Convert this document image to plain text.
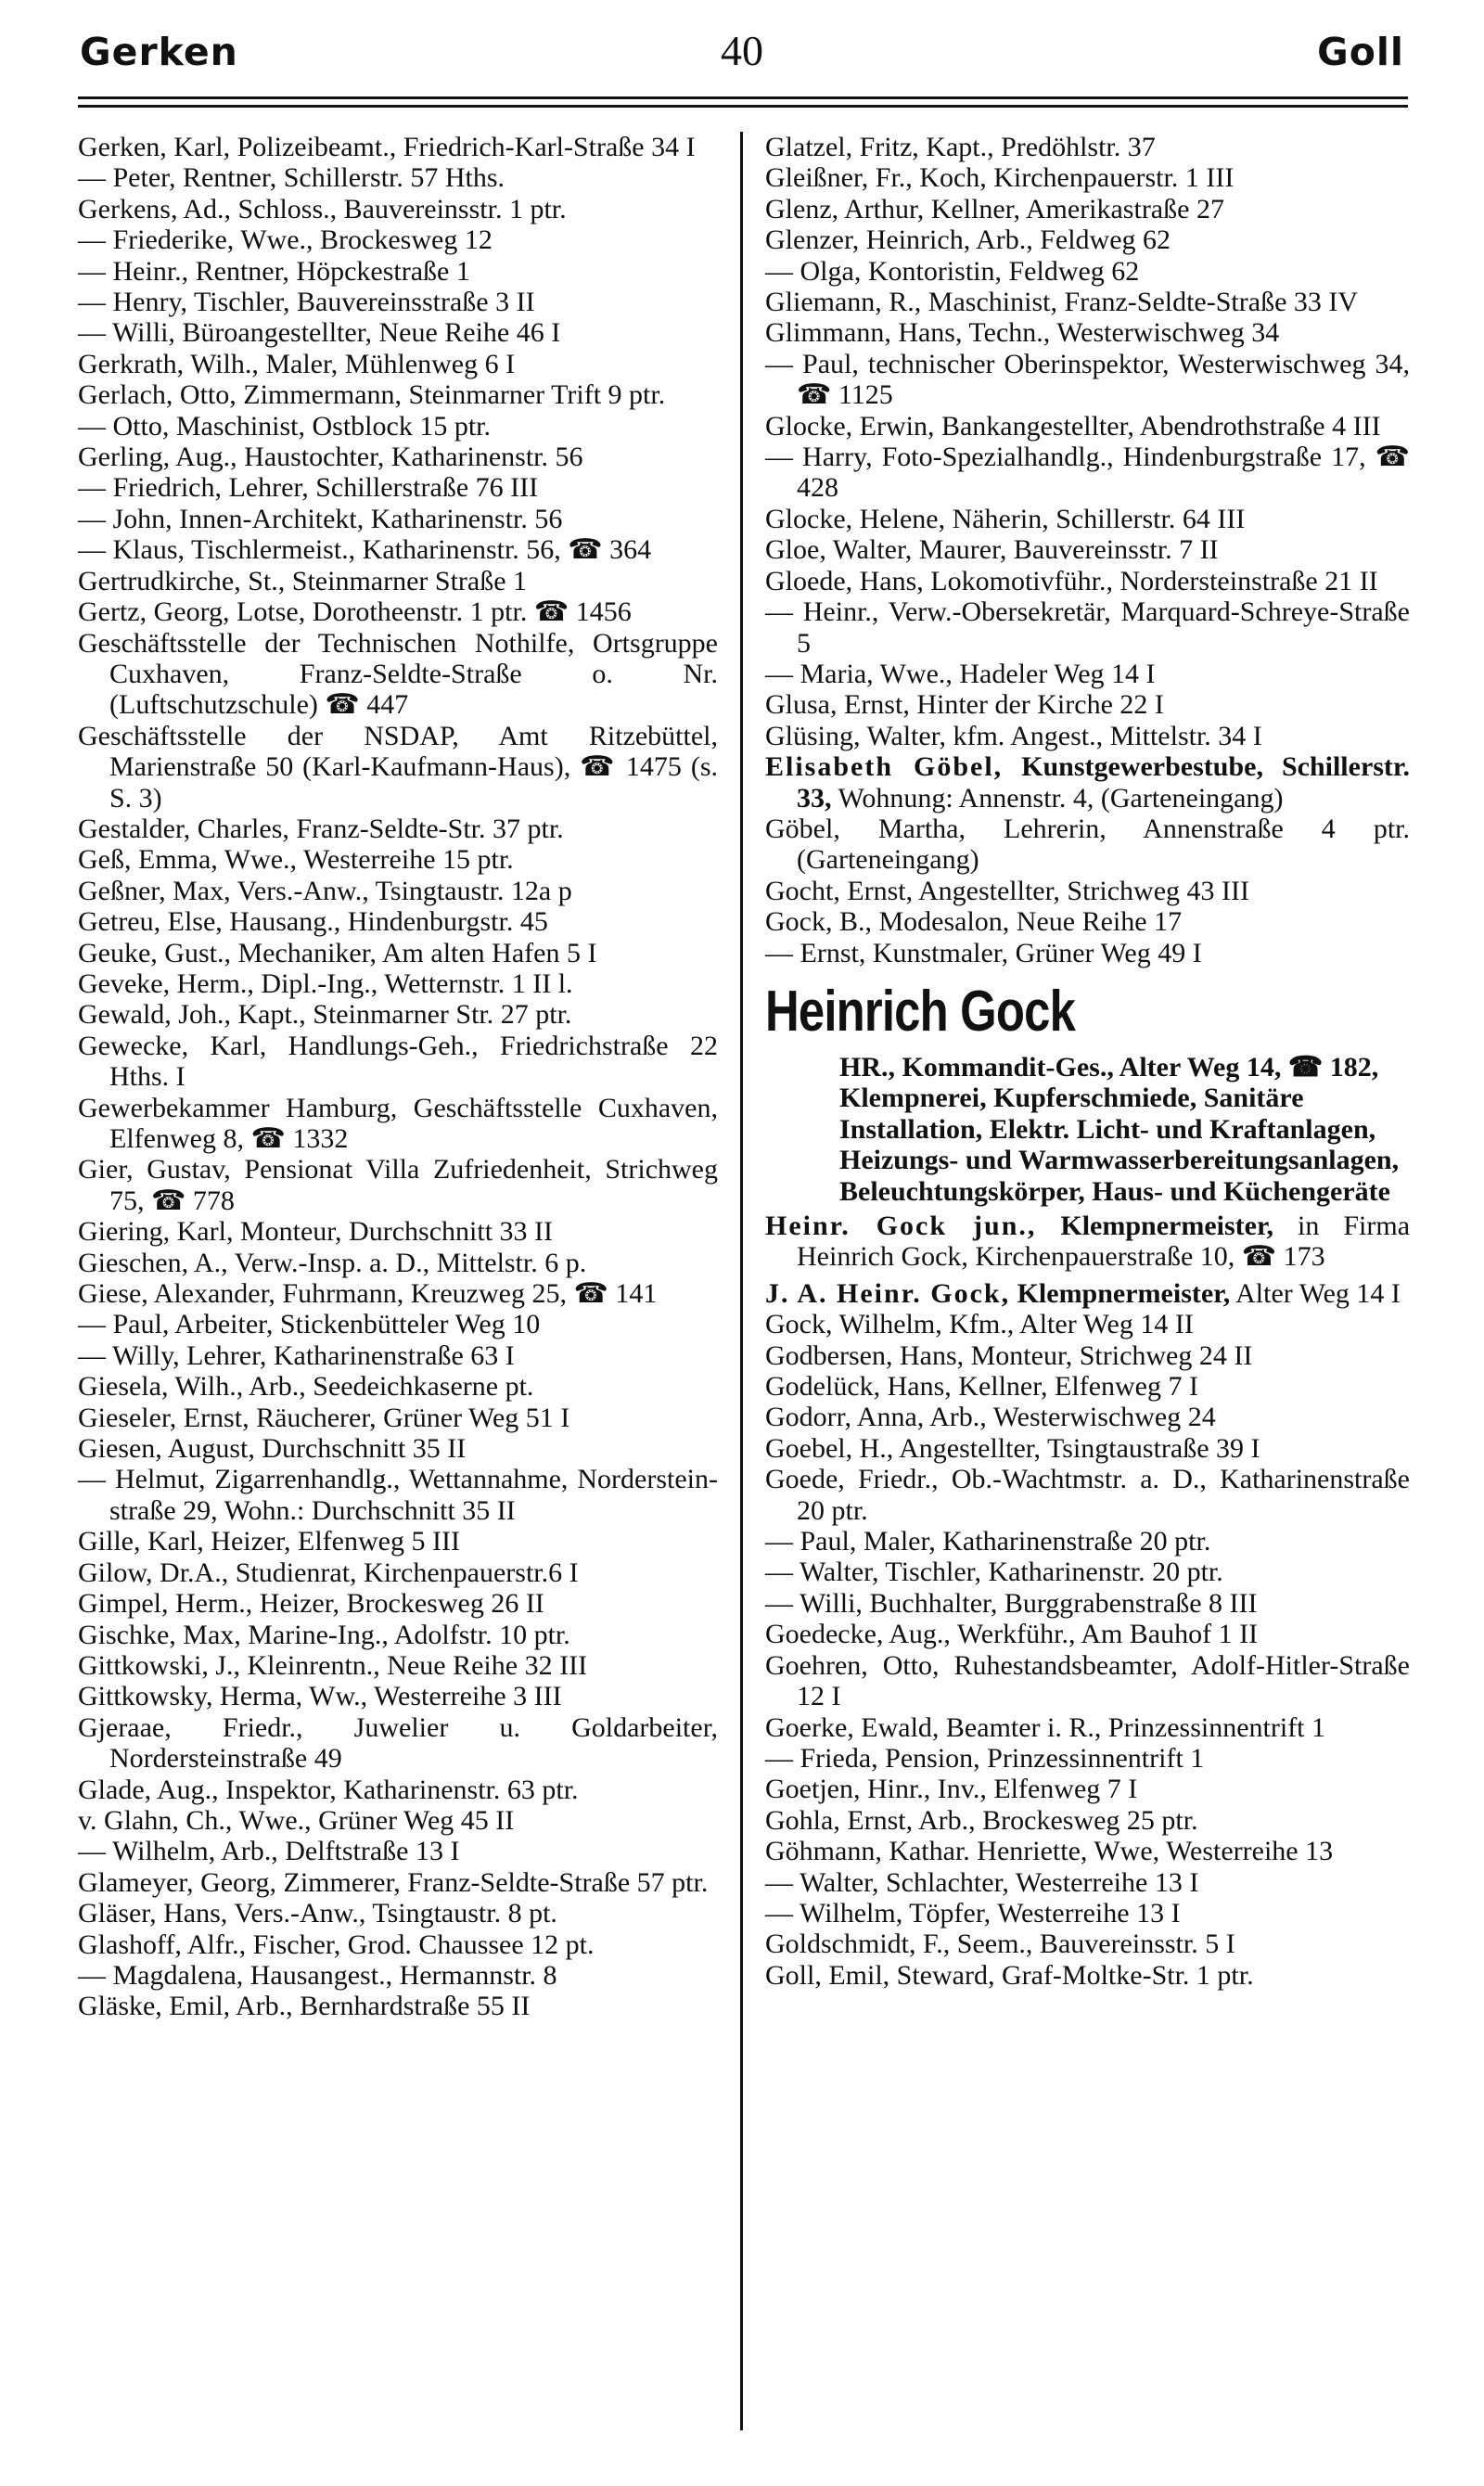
Gerken	40	Goll
Gerken, Karl, Polizeibeamt., Friedrich-Karl-Straße 34 I
— Peter, Rentner, Schillerstr. 57 Hths.
Gerkens, Ad., Schloss., Bauvereinsstr. 1 ptr.
— Friederike, Wwe., Brockesweg 12
— Heinr., Rentner, Höpckestraße 1
— Henry, Tischler, Bauvereinsstraße 3 II
— Willi, Büroangestellter, Neue Reihe 46 I
Gerkrath, Wilh., Maler, Mühlenweg 6 I
Gerlach, Otto, Zimmermann, Steinmarner Trift 9 ptr.
— Otto, Maschinist, Ostblock 15 ptr.
Gerling, Aug., Haustochter, Katharinenstr. 56
— Friedrich, Lehrer, Schillerstraße 76 III
— John, Innen-Architekt, Katharinenstr. 56
— Klaus, Tischlermeist., Katharinenstr. 56, ☎ 364
Gertrudkirche, St., Steinmarner Straße 1
Gertz, Georg, Lotse, Dorotheenstr. 1 ptr. ☎ 1456
Geschäftsstelle der Technischen Nothilfe, Ortsgruppe Cuxhaven, Franz-Seldte-Straße o. Nr. (Luftschutzschule) ☎ 447
Geschäftsstelle der NSDAP, Amt Ritzebüttel, Marienstraße 50 (Karl-Kaufmann-Haus), ☎ 1475 (s. S. 3)
Gestalder, Charles, Franz-Seldte-Str. 37 ptr.
Geß, Emma, Wwe., Westerreihe 15 ptr.
Geßner, Max, Vers.-Anw., Tsingtaustr. 12a p
Getreu, Else, Hausang., Hindenburgstr. 45
Geuke, Gust., Mechaniker, Am alten Hafen 5 I
Geveke, Herm., Dipl.-Ing., Wetternstr. 1 II l.
Gewald, Joh., Kapt., Steinmarner Str. 27 ptr.
Gewecke, Karl, Handlungs-Geh., Friedrichstraße 22 Hths. I
Gewerbekammer Hamburg, Geschäftsstelle Cuxhaven, Elfenweg 8, ☎ 1332
Gier, Gustav, Pensionat Villa Zufriedenheit, Strichweg 75, ☎ 778
Giering, Karl, Monteur, Durchschnitt 33 II
Gieschen, A., Verw.-Insp. a. D., Mittelstr. 6 p.
Giese, Alexander, Fuhrmann, Kreuzweg 25, ☎ 141
— Paul, Arbeiter, Stickenbütteler Weg 10
— Willy, Lehrer, Katharinenstraße 63 I
Giesela, Wilh., Arb., Seedeichkaserne pt.
Gieseler, Ernst, Räucherer, Grüner Weg 51 I
Giesen, August, Durchschnitt 35 II
— Helmut, Zigarrenhandlg., Wettannahme, Nordersteinstraße 29, Wohn.: Durchschnitt 35 II
Gille, Karl, Heizer, Elfenweg 5 III
Gilow, Dr.A., Studienrat, Kirchenpauerstr.6 I
Gimpel, Herm., Heizer, Brockesweg 26 II
Gischke, Max, Marine-Ing., Adolfstr. 10 ptr.
Gittkowski, J., Kleinrentn., Neue Reihe 32 III
Gittkowsky, Herma, Ww., Westerreihe 3 III
Gjeraae, Friedr., Juwelier u. Goldarbeiter, Nordersteinstraße 49
Glade, Aug., Inspektor, Katharinenstr. 63 ptr.
v. Glahn, Ch., Wwe., Grüner Weg 45 II
— Wilhelm, Arb., Delftstraße 13 I
Glameyer, Georg, Zimmerer, Franz-Seldte-Straße 57 ptr.
Gläser, Hans, Vers.-Anw., Tsingtaustr. 8 pt.
Glashoff, Alfr., Fischer, Grod. Chaussee 12 pt.
— Magdalena, Hausangest., Hermannstr. 8
Gläske, Emil, Arb., Bernhardstraße 55 II
Glatzel, Fritz, Kapt., Predöhlstr. 37
Gleißner, Fr., Koch, Kirchenpauerstr. 1 III
Glenz, Arthur, Kellner, Amerikastraße 27
Glenzer, Heinrich, Arb., Feldweg 62
— Olga, Kontoristin, Feldweg 62
Gliemann, R., Maschinist, Franz-Seldte-Straße 33 IV
Glimmann, Hans, Techn., Westerwischweg 34
— Paul, technischer Oberinspektor, Westerwischweg 34, ☎ 1125
Glocke, Erwin, Bankangestellter, Abendrothstraße 4 III
— Harry, Foto-Spezialhandlg., Hindenburgstraße 17, ☎ 428
Glocke, Helene, Näherin, Schillerstr. 64 III
Gloe, Walter, Maurer, Bauvereinsstr. 7 II
Gloede, Hans, Lokomotivführ., Nordersteinstraße 21 II
— Heinr., Verw.-Obersekretär, Marquard-Schreye-Straße 5
— Maria, Wwe., Hadeler Weg 14 I
Glusa, Ernst, Hinter der Kirche 22 I
Glüsing, Walter, kfm. Angest., Mittelstr. 34 I
Elisabeth Göbel, Kunstgewerbestube, Schillerstr. 33, Wohnung: Annenstr. 4, (Garteneingang)
Göbel, Martha, Lehrerin, Annenstraße 4 ptr. (Garteneingang)
Gocht, Ernst, Angestellter, Strichweg 43 III
Gock, B., Modesalon, Neue Reihe 17
— Ernst, Kunstmaler, Grüner Weg 49 I
Heinrich Gock
HR., Kommandit-Ges., Alter Weg 14, ☎ 182, Klempnerei, Kupferschmiede, Sanitäre Installation, Elektr. Licht- und Kraftanlagen, Heizungs- und Warmwasserbereitungsanlagen, Beleuchtungskörper, Haus- und Küchengeräte
Heinr. Gock jun., Klempnermeister, in Firma Heinrich Gock, Kirchenpauerstraße 10, ☎ 173
J. A. Heinr. Gock, Klempnermeister, Alter Weg 14 I
Gock, Wilhelm, Kfm., Alter Weg 14 II
Godbersen, Hans, Monteur, Strichweg 24 II
Godelück, Hans, Kellner, Elfenweg 7 I
Godorr, Anna, Arb., Westerwischweg 24
Goebel, H., Angestellter, Tsingtaustraße 39 I
Goede, Friedr., Ob.-Wachtmstr. a. D., Katharinenstraße 20 ptr.
— Paul, Maler, Katharinenstraße 20 ptr.
— Walter, Tischler, Katharinenstr. 20 ptr.
— Willi, Buchhalter, Burggrabenstraße 8 III
Goedecke, Aug., Werkführ., Am Bauhof 1 II
Goehren, Otto, Ruhestandsbeamter, Adolf-Hitler-Straße 12 I
Goerke, Ewald, Beamter i. R., Prinzessinnentrift 1
— Frieda, Pension, Prinzessinnentrift 1
Goetjen, Hinr., Inv., Elfenweg 7 I
Gohla, Ernst, Arb., Brockesweg 25 ptr.
Göhmann, Kathar. Henriette, Wwe, Westerreihe 13
— Walter, Schlachter, Westerreihe 13 I
— Wilhelm, Töpfer, Westerreihe 13 I
Goldschmidt, F., Seem., Bauvereinsstr. 5 I
Goll, Emil, Steward, Graf-Moltke-Str. 1 ptr.
